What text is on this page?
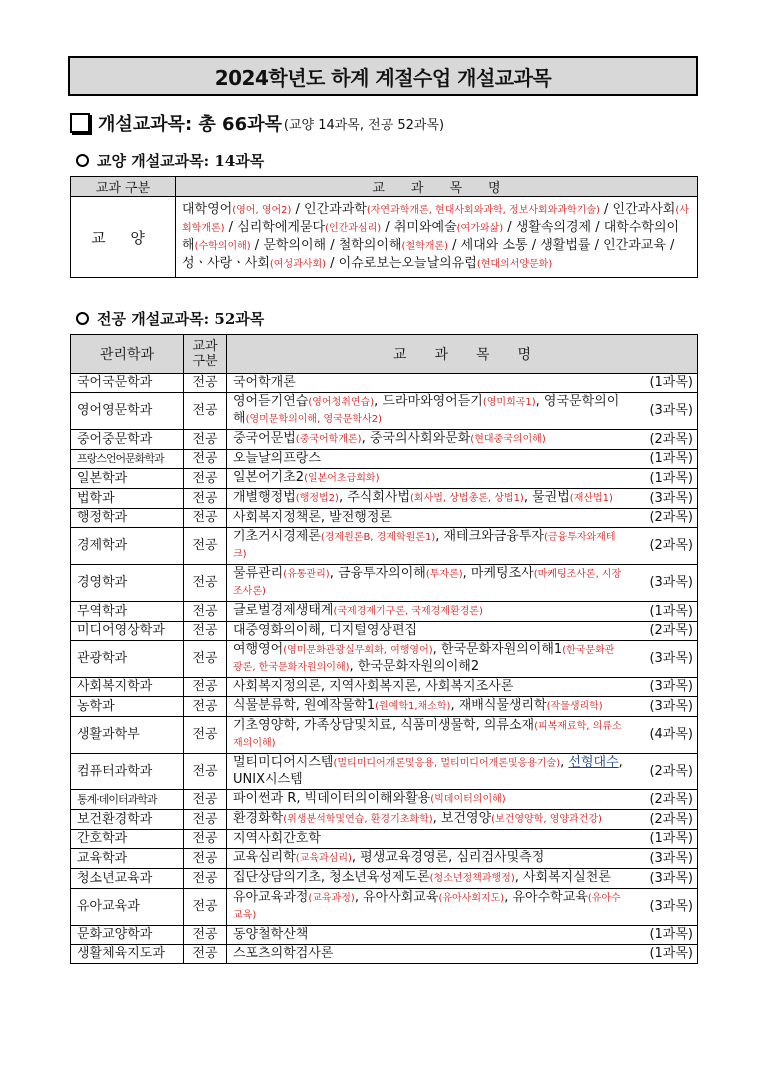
2024학년도 하계 계절수업 개설교과목
개설교과목: 총 66과목 (교양 14과목, 전공 52과목)
교양 개설교과목: 14과목
교과 구분	교　　과　　목　　명
교 양	대학영어(영어, 영어2) / 인간과과학(자연과학개론, 현대사회와과학, 정보사회와과학기술) / 인간과사회(사회학개론) / 심리학에게묻다(인간과심리) / 취미와예술(여가와삶) / 생활속의경제 / 대학수학의이해(수학의이해) / 문학의이해 / 철학의이해(철학개론) / 세대와 소통 / 생활법률 / 인간과교육 / 성ㆍ사랑ㆍ사회(여성과사회) / 이슈로보는오늘날의유럽(현대의서양문화)
전공 개설교과목: 52과목
관리학과	교과구분	교　　과　　목　　명	
국어국문학과	전공	국어학개론	(1과목)
영어영문학과	전공	영어듣기연습(영어청취연습), 드라마와영어듣기(영미희곡1), 영국문학의이해(영미문학의이해, 영국문학사2)	(3과목)
중어중문학과	전공	중국어문법(중국어학개론), 중국의사회와문화(현대중국의이해)	(2과목)
프랑스언어문화학과	전공	오늘날의프랑스	(1과목)
일본학과	전공	일본어기초2(일본어초급회화)	(1과목)
법학과	전공	개별행정법(행정법2), 주식회사법(회사법, 상법총론, 상법1), 물권법(재산법1)	(3과목)
행정학과	전공	사회복지정책론, 발전행정론	(2과목)
경제학과	전공	기초거시경제론(경제원론B, 경제학원론1), 재테크와금융투자(금융투자와재테크)	(2과목)
경영학과	전공	물류관리(유통관리), 금융투자의이해(투자론), 마케팅조사(마케팅조사론, 시장조사론)	(3과목)
무역학과	전공	글로벌경제생태계(국제경제기구론, 국제경제환경론)	(1과목)
미디어영상학과	전공	대중영화의이해, 디지털영상편집	(2과목)
관광학과	전공	여행영어(영미문화관광실무회화, 여행영어), 한국문화자원의이해1(한국문화관광론, 한국문화자원의이해), 한국문화자원의이해2	(3과목)
사회복지학과	전공	사회복지정의론, 지역사회복지론, 사회복지조사론	(3과목)
농학과	전공	식물분류학, 원예작물학1(원예학1,채소학), 재배식물생리학(작물생리학)	(3과목)
생활과학부	전공	기초영양학, 가족상담및치료, 식품미생물학, 의류소재(피복재료학, 의류소재의이해)	(4과목)
컴퓨터과학과	전공	멀티미디어시스템(멀티미디어개론및응용, 멀티미디어개론및응용기술), 선형대수, UNIX시스템	(2과목)
통계·데이터과학과	전공	파이썬과 R, 빅데이터의이해와활용(빅데이터의이해)	(2과목)
보건환경학과	전공	환경화학(위생분석학및연습, 환경기초화학), 보건영양(보건영양학, 영양과건강)	(2과목)
간호학과	전공	지역사회간호학	(1과목)
교육학과	전공	교육심리학(교육과심리), 평생교육경영론, 심리검사및측정	(3과목)
청소년교육과	전공	집단상담의기초, 청소년육성제도론(청소년정책과행정), 사회복지실천론	(3과목)
유아교육과	전공	유아교육과정(교육과정), 유아사회교육(유아사회지도), 유아수학교육(유아수교육)	(3과목)
문화교양학과	전공	동양철학산책	(1과목)
생활체육지도과	전공	스포츠의학검사론	(1과목)
